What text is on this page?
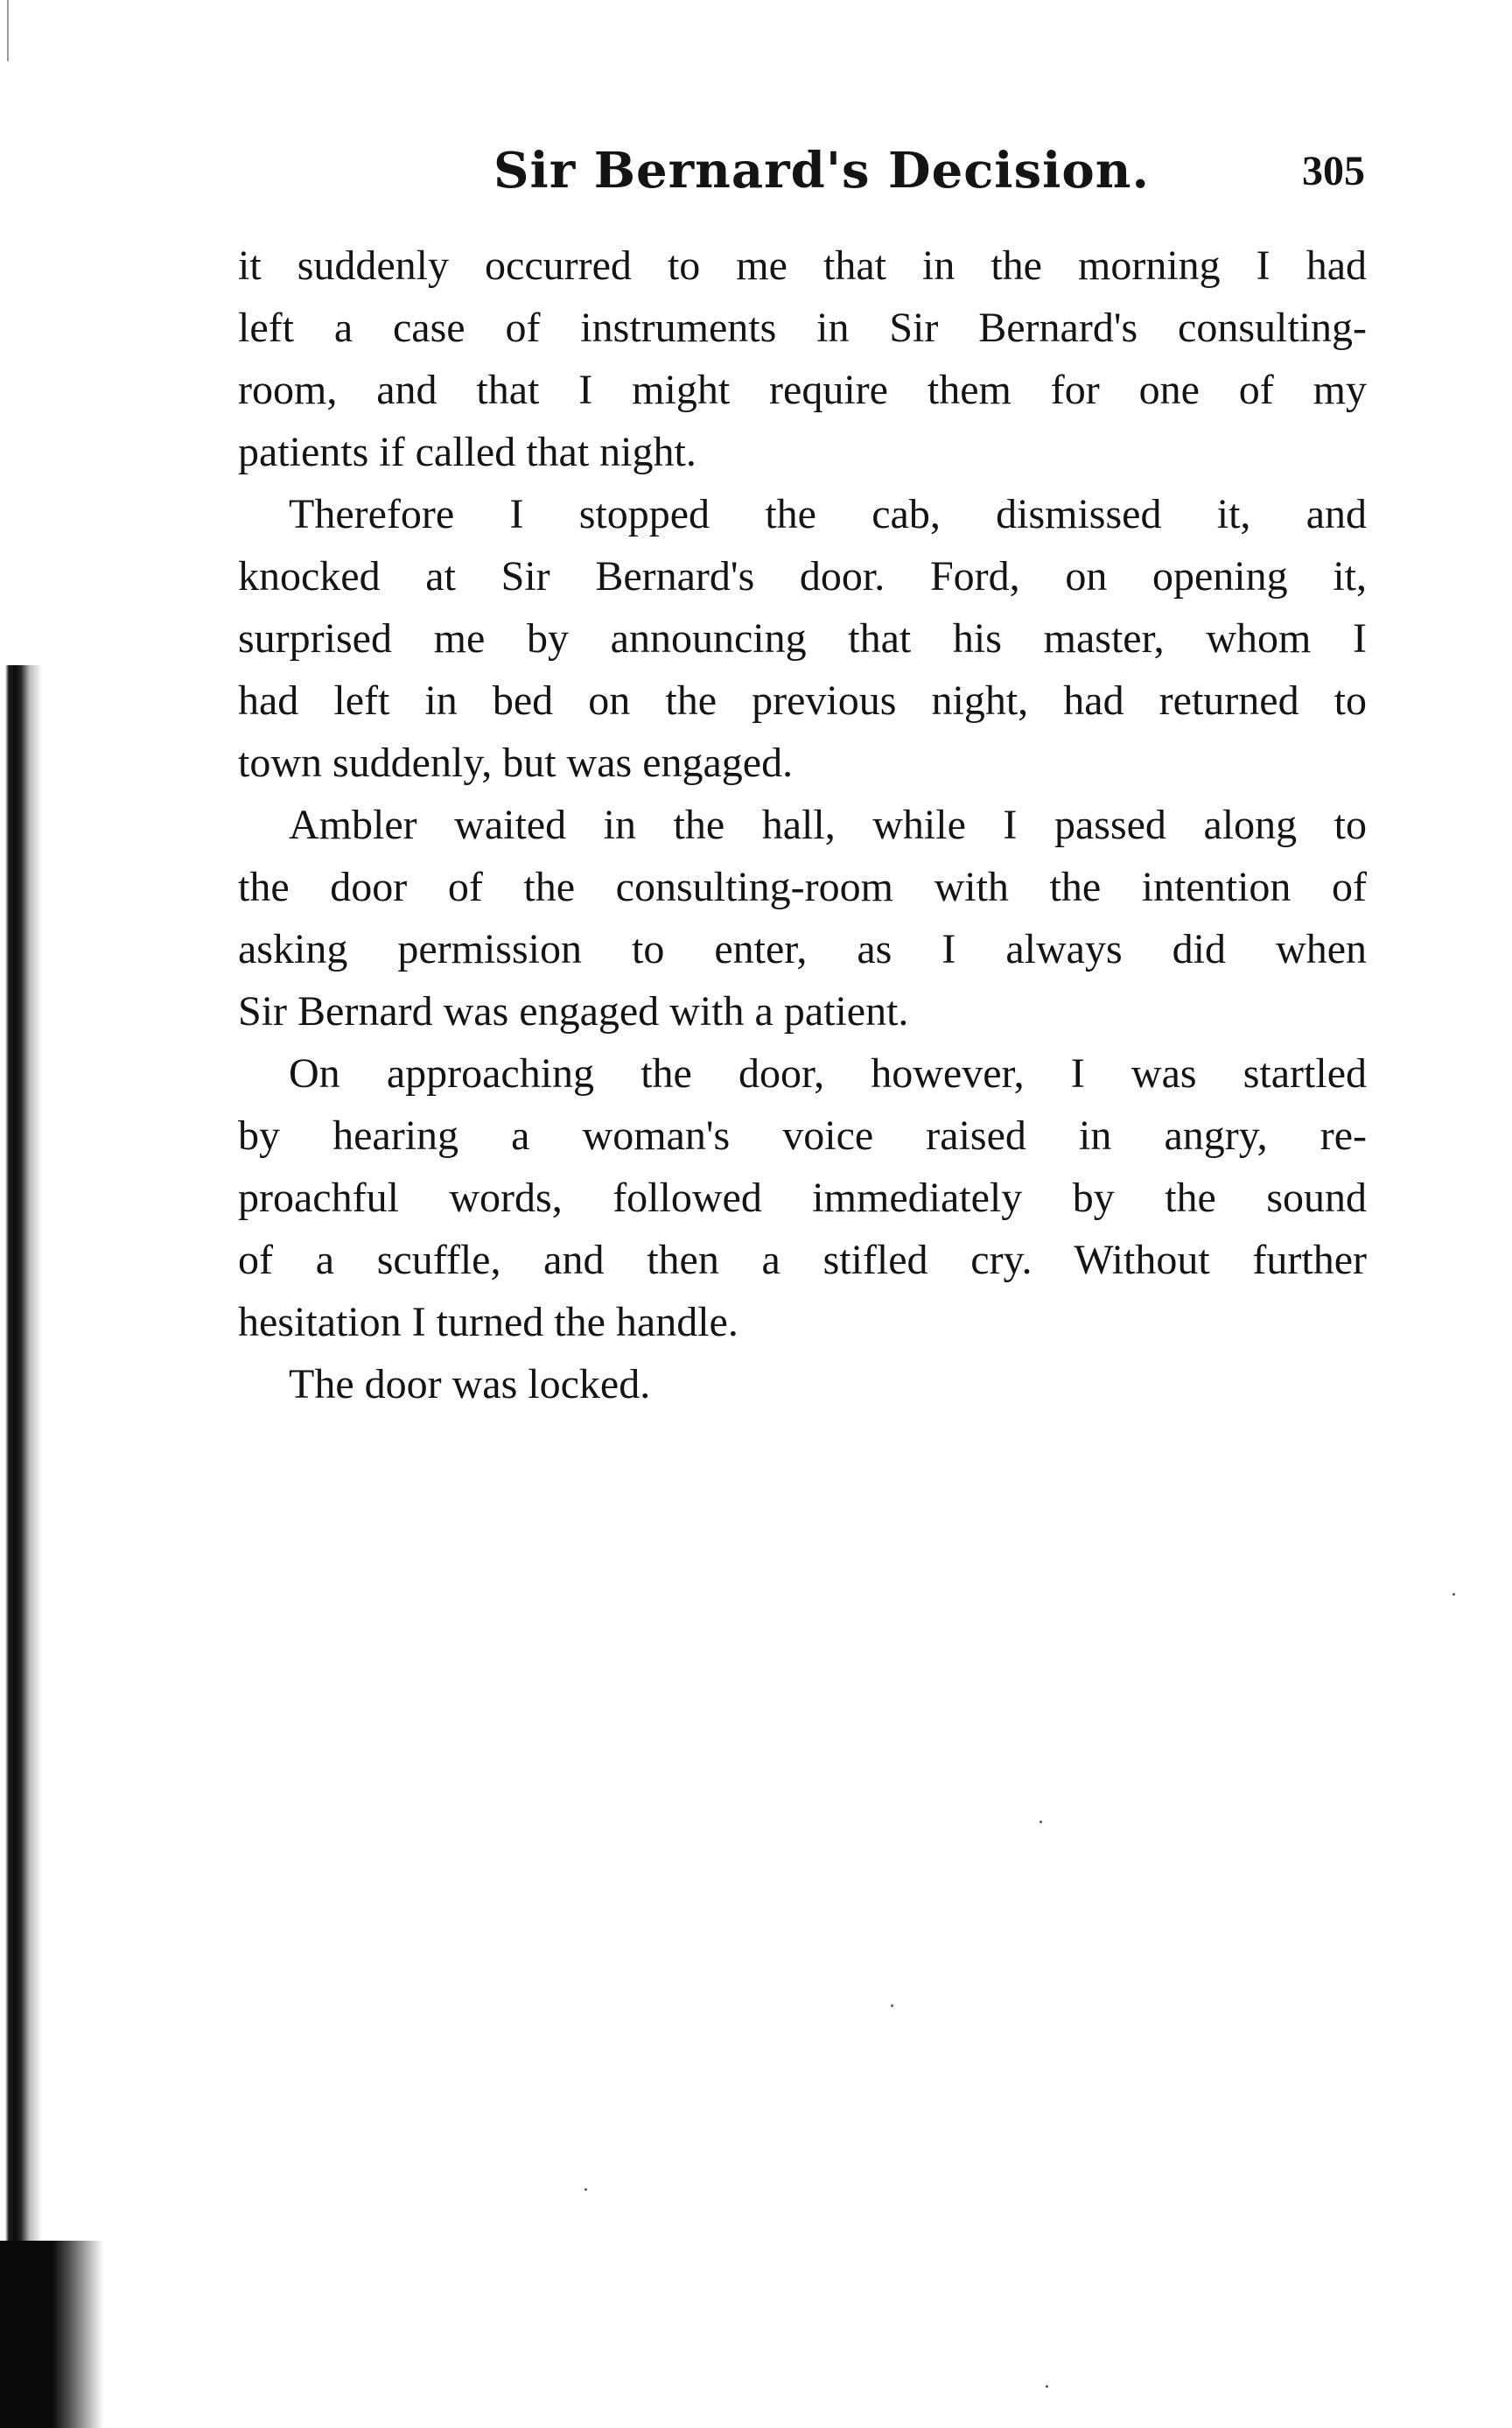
Sir Bernard's Decision.	305
it suddenly occurred to me that in the morning I had
left a case of instruments in Sir Bernard's consulting-
room, and that I might require them for one of my
patients if called that night.
Therefore I stopped the cab, dismissed it, and
knocked at Sir Bernard's door. Ford, on opening it,
surprised me by announcing that his master, whom I
had left in bed on the previous night, had returned to
town suddenly, but was engaged.
Ambler waited in the hall, while I passed along to
the door of the consulting-room with the intention of
asking permission to enter, as I always did when
Sir Bernard was engaged with a patient.
On approaching the door, however, I was startled
by hearing a woman's voice raised in angry, re-
proachful words, followed immediately by the sound
of a scuffle, and then a stifled cry. Without further
hesitation I turned the handle.
The door was locked.
